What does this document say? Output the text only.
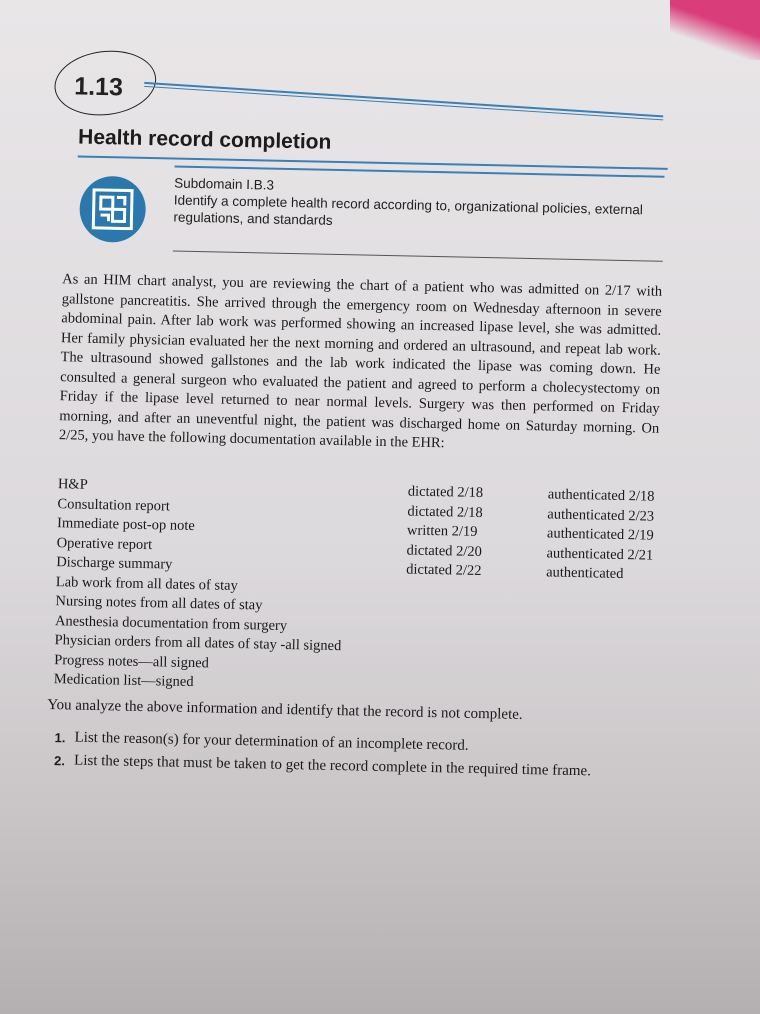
1.13
Health record completion
Subdomain I.B.3
Identify a complete health record according to, organizational policies, external regulations, and standards
As an HIM chart analyst, you are reviewing the chart of a patient who was admitted on 2/17 with gallstone pancreatitis. She arrived through the emergency room on Wednesday afternoon in severe abdominal pain. After lab work was performed showing an increased lipase level, she was admitted. Her family physician evaluated her the next morning and ordered an ultrasound, and repeat lab work. The ultrasound showed gallstones and the lab work indicated the lipase was coming down. He consulted a general surgeon who evaluated the patient and agreed to perform a cholecystectomy on Friday if the lipase level returned to near normal levels. Surgery was then performed on Friday morning, and after an uneventful night, the patient was discharged home on Saturday morning. On 2/25, you have the following documentation available in the EHR:
H&P	dictated 2/18	authenticated 2/18
Consultation report	dictated 2/18	authenticated 2/23
Immediate post-op note	written 2/19	authenticated 2/19
Operative report	dictated 2/20	authenticated 2/21
Discharge summary	dictated 2/22	authenticated
Lab work from all dates of stay
Nursing notes from all dates of stay
Anesthesia documentation from surgery
Physician orders from all dates of stay -all signed
Progress notes—all signed
Medication list—signed
You analyze the above information and identify that the record is not complete.
1. List the reason(s) for your determination of an incomplete record.
2. List the steps that must be taken to get the record complete in the required time frame.
